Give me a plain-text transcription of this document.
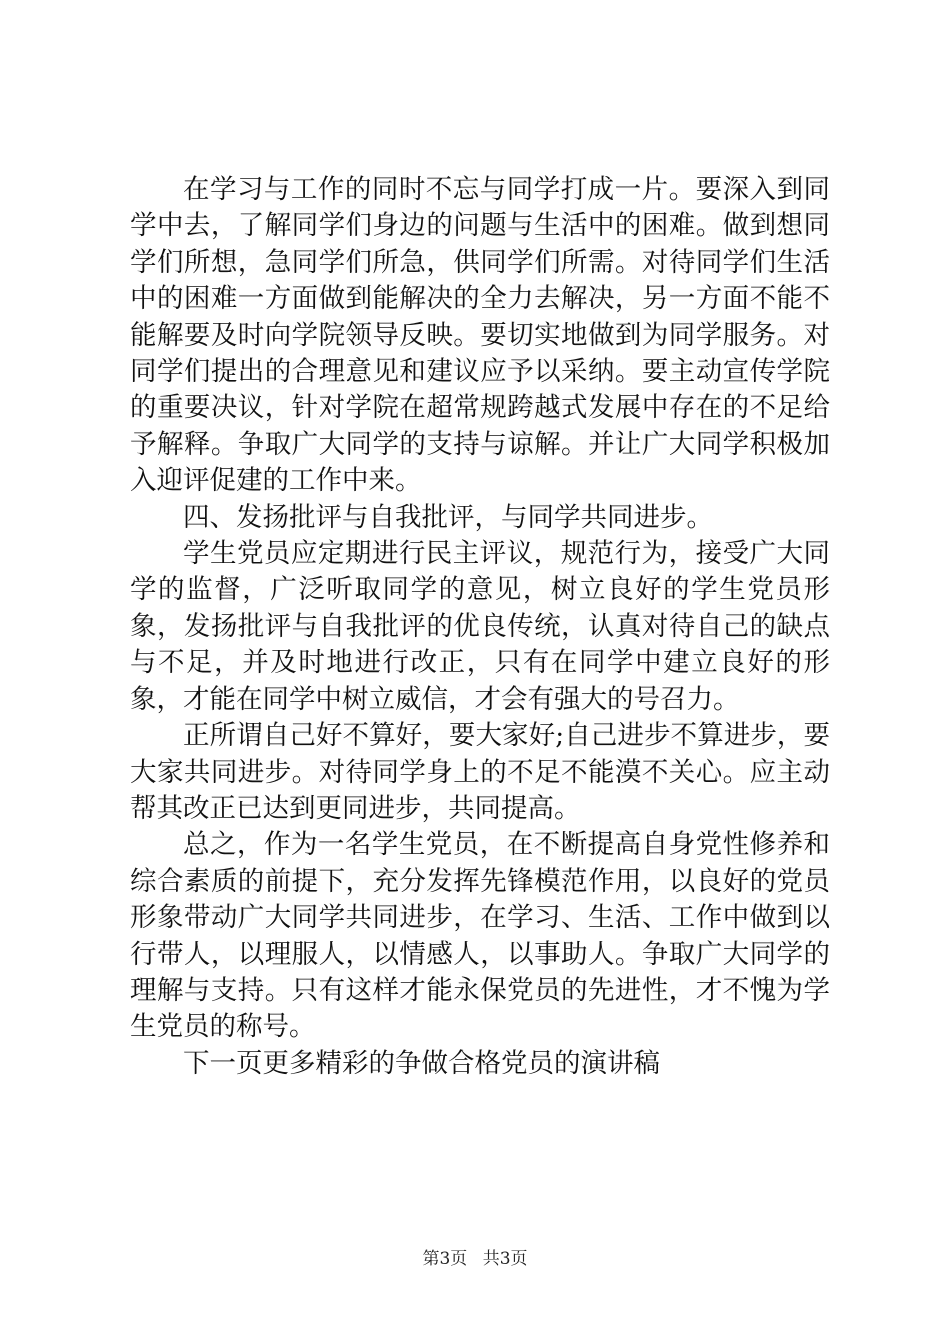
在学习与工作的同时不忘与同学打成一片。要深入到同学中去，了解同学们身边的问题与生活中的困难。做到想同学们所想，急同学们所急，供同学们所需。对待同学们生活中的困难一方面做到能解决的全力去解决，另一方面不能不能解要及时向学院领导反映。要切实地做到为同学服务。对同学们提出的合理意见和建议应予以采纳。要主动宣传学院的重要决议，针对学院在超常规跨越式发展中存在的不足给予解释。争取广大同学的支持与谅解。并让广大同学积极加入迎评促建的工作中来。

四、发扬批评与自我批评，与同学共同进步。

学生党员应定期进行民主评议，规范行为，接受广大同学的监督，广泛听取同学的意见，树立良好的学生党员形象，发扬批评与自我批评的优良传统，认真对待自己的缺点与不足，并及时地进行改正，只有在同学中建立良好的形象，才能在同学中树立威信，才会有强大的号召力。

正所谓自己好不算好，要大家好;自己进步不算进步，要大家共同进步。对待同学身上的不足不能漠不关心。应主动帮其改正已达到更同进步，共同提高。

总之，作为一名学生党员，在不断提高自身党性修养和综合素质的前提下，充分发挥先锋模范作用，以良好的党员形象带动广大同学共同进步，在学习、生活、工作中做到以行带人，以理服人，以情感人，以事助人。争取广大同学的理解与支持。只有这样才能永保党员的先进性，才不愧为学生党员的称号。

下一页更多精彩的争做合格党员的演讲稿

第3页 共3页
